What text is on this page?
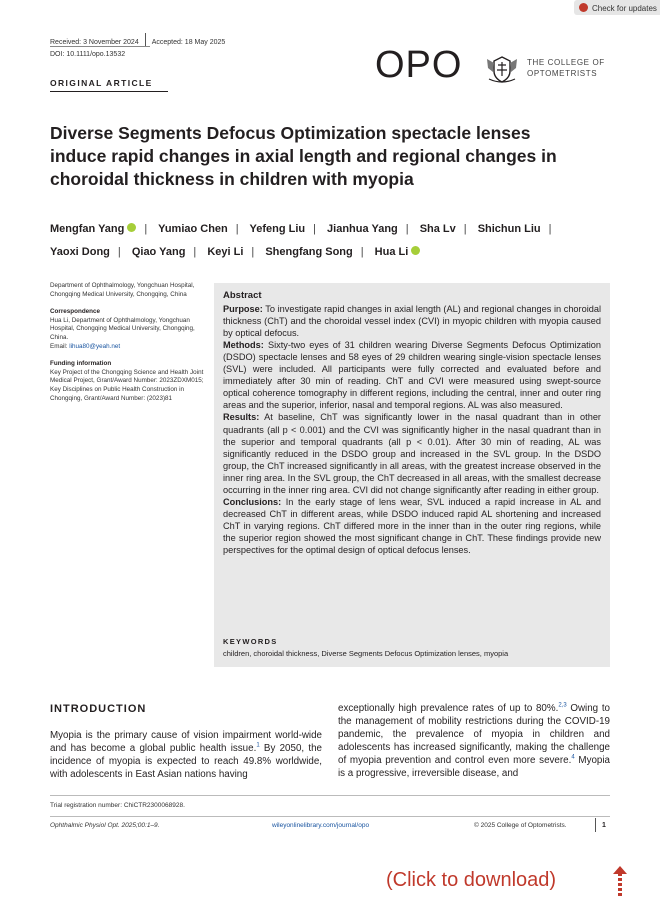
Check for updates
Received: 3 November 2024 Accepted: 18 May 2025
DOI: 10.1111/opo.13532	OPO	THE COLLEGE OF
OPTOMETRISTS
ORIGINAL ARTICLE
Diverse Segments Defocus Optimization spectacle lenses induce rapid changes in axial length and regional changes in choroidal thickness in children with myopia
Mengfan Yang | Yumiao Chen | Yefeng Liu | Jianhua Yang | Sha Lv | Shichun Liu | Yaoxi Dong | Qiao Yang | Keyi Li | Shengfang Song | Hua Li
Department of Ophthalmology, Yongchuan Hospital, Chongqing Medical University, Chongqing, China
Correspondence
Hua Li, Department of Ophthalmology, Yongchuan Hospital, Chongqing Medical University, Chongqing, China.
Email: lihua80@yeah.net
Funding information
Key Project of the Chongqing Science and Health Joint Medical Project, Grant/Award Number: 2023ZDXM015; Key Disciplines on Public Health Construction in Chongqing, Grant/Award Number: (2023)81
Abstract

Purpose: To investigate rapid changes in axial length (AL) and regional changes in choroidal thickness (ChT) and the choroidal vessel index (CVI) in myopic children with myopia caused by optical defocus.

Methods: Sixty-two eyes of 31 children wearing Diverse Segments Defocus Optimization (DSDO) spectacle lenses and 58 eyes of 29 children wearing single-vision spectacle lenses (SVL) were included. All participants were fully corrected and evaluated before and immediately after 30 min of reading. ChT and CVI were measured using swept-source optical coherence tomography in different regions, including the central, inner and outer ring areas and the superior, inferior, nasal and temporal regions. AL was also measured.

Results: At baseline, ChT was significantly lower in the nasal quadrant than in other quadrants (all p < 0.001) and the CVI was significantly higher in the nasal quadrant than in the superior and temporal quadrants (all p < 0.01). After 30 min of reading, AL was significantly reduced in the DSDO group and increased in the SVL group. In the DSDO group, the ChT increased significantly in all areas, with the greatest increase observed in the inner ring area. In the SVL group, the ChT decreased in all areas, with the smallest decrease occurring in the inner ring area. CVI did not change significantly after reading in either group.

Conclusions: In the early stage of lens wear, SVL induced a rapid increase in AL and decreased ChT in different areas, while DSDO induced rapid AL shortening and increased ChT in varying regions. ChT differed more in the inner than in the outer ring regions, while the superior region showed the most significant change in ChT. These findings provide new perspectives for the optimal design of optical defocus lenses.

KEYWORDS
children, choroidal thickness, Diverse Segments Defocus Optimization lenses, myopia
INTRODUCTION
Myopia is the primary cause of vision impairment world-wide and has become a global public health issue.$^1$ By 2050, the incidence of myopia is expected to reach 49.8% worldwide, with adolescents in East Asian nations having
exceptionally high prevalence rates of up to 80%.$^{2,3}$ Owing to the management of mobility restrictions during the COVID-19 pandemic, the prevalence of myopia in children and adolescents has increased significantly, making the challenge of myopia prevention and control even more severe.$^4$ Myopia is a progressive, irreversible disease, and
Trial registration number: ChiCTR2300068928.
Ophthalmic Physiol Opt. 2025;00:1–9.	wileyonlinelibrary.com/journal/opo	© 2025 College of Optometrists.	1
(Click to download)
